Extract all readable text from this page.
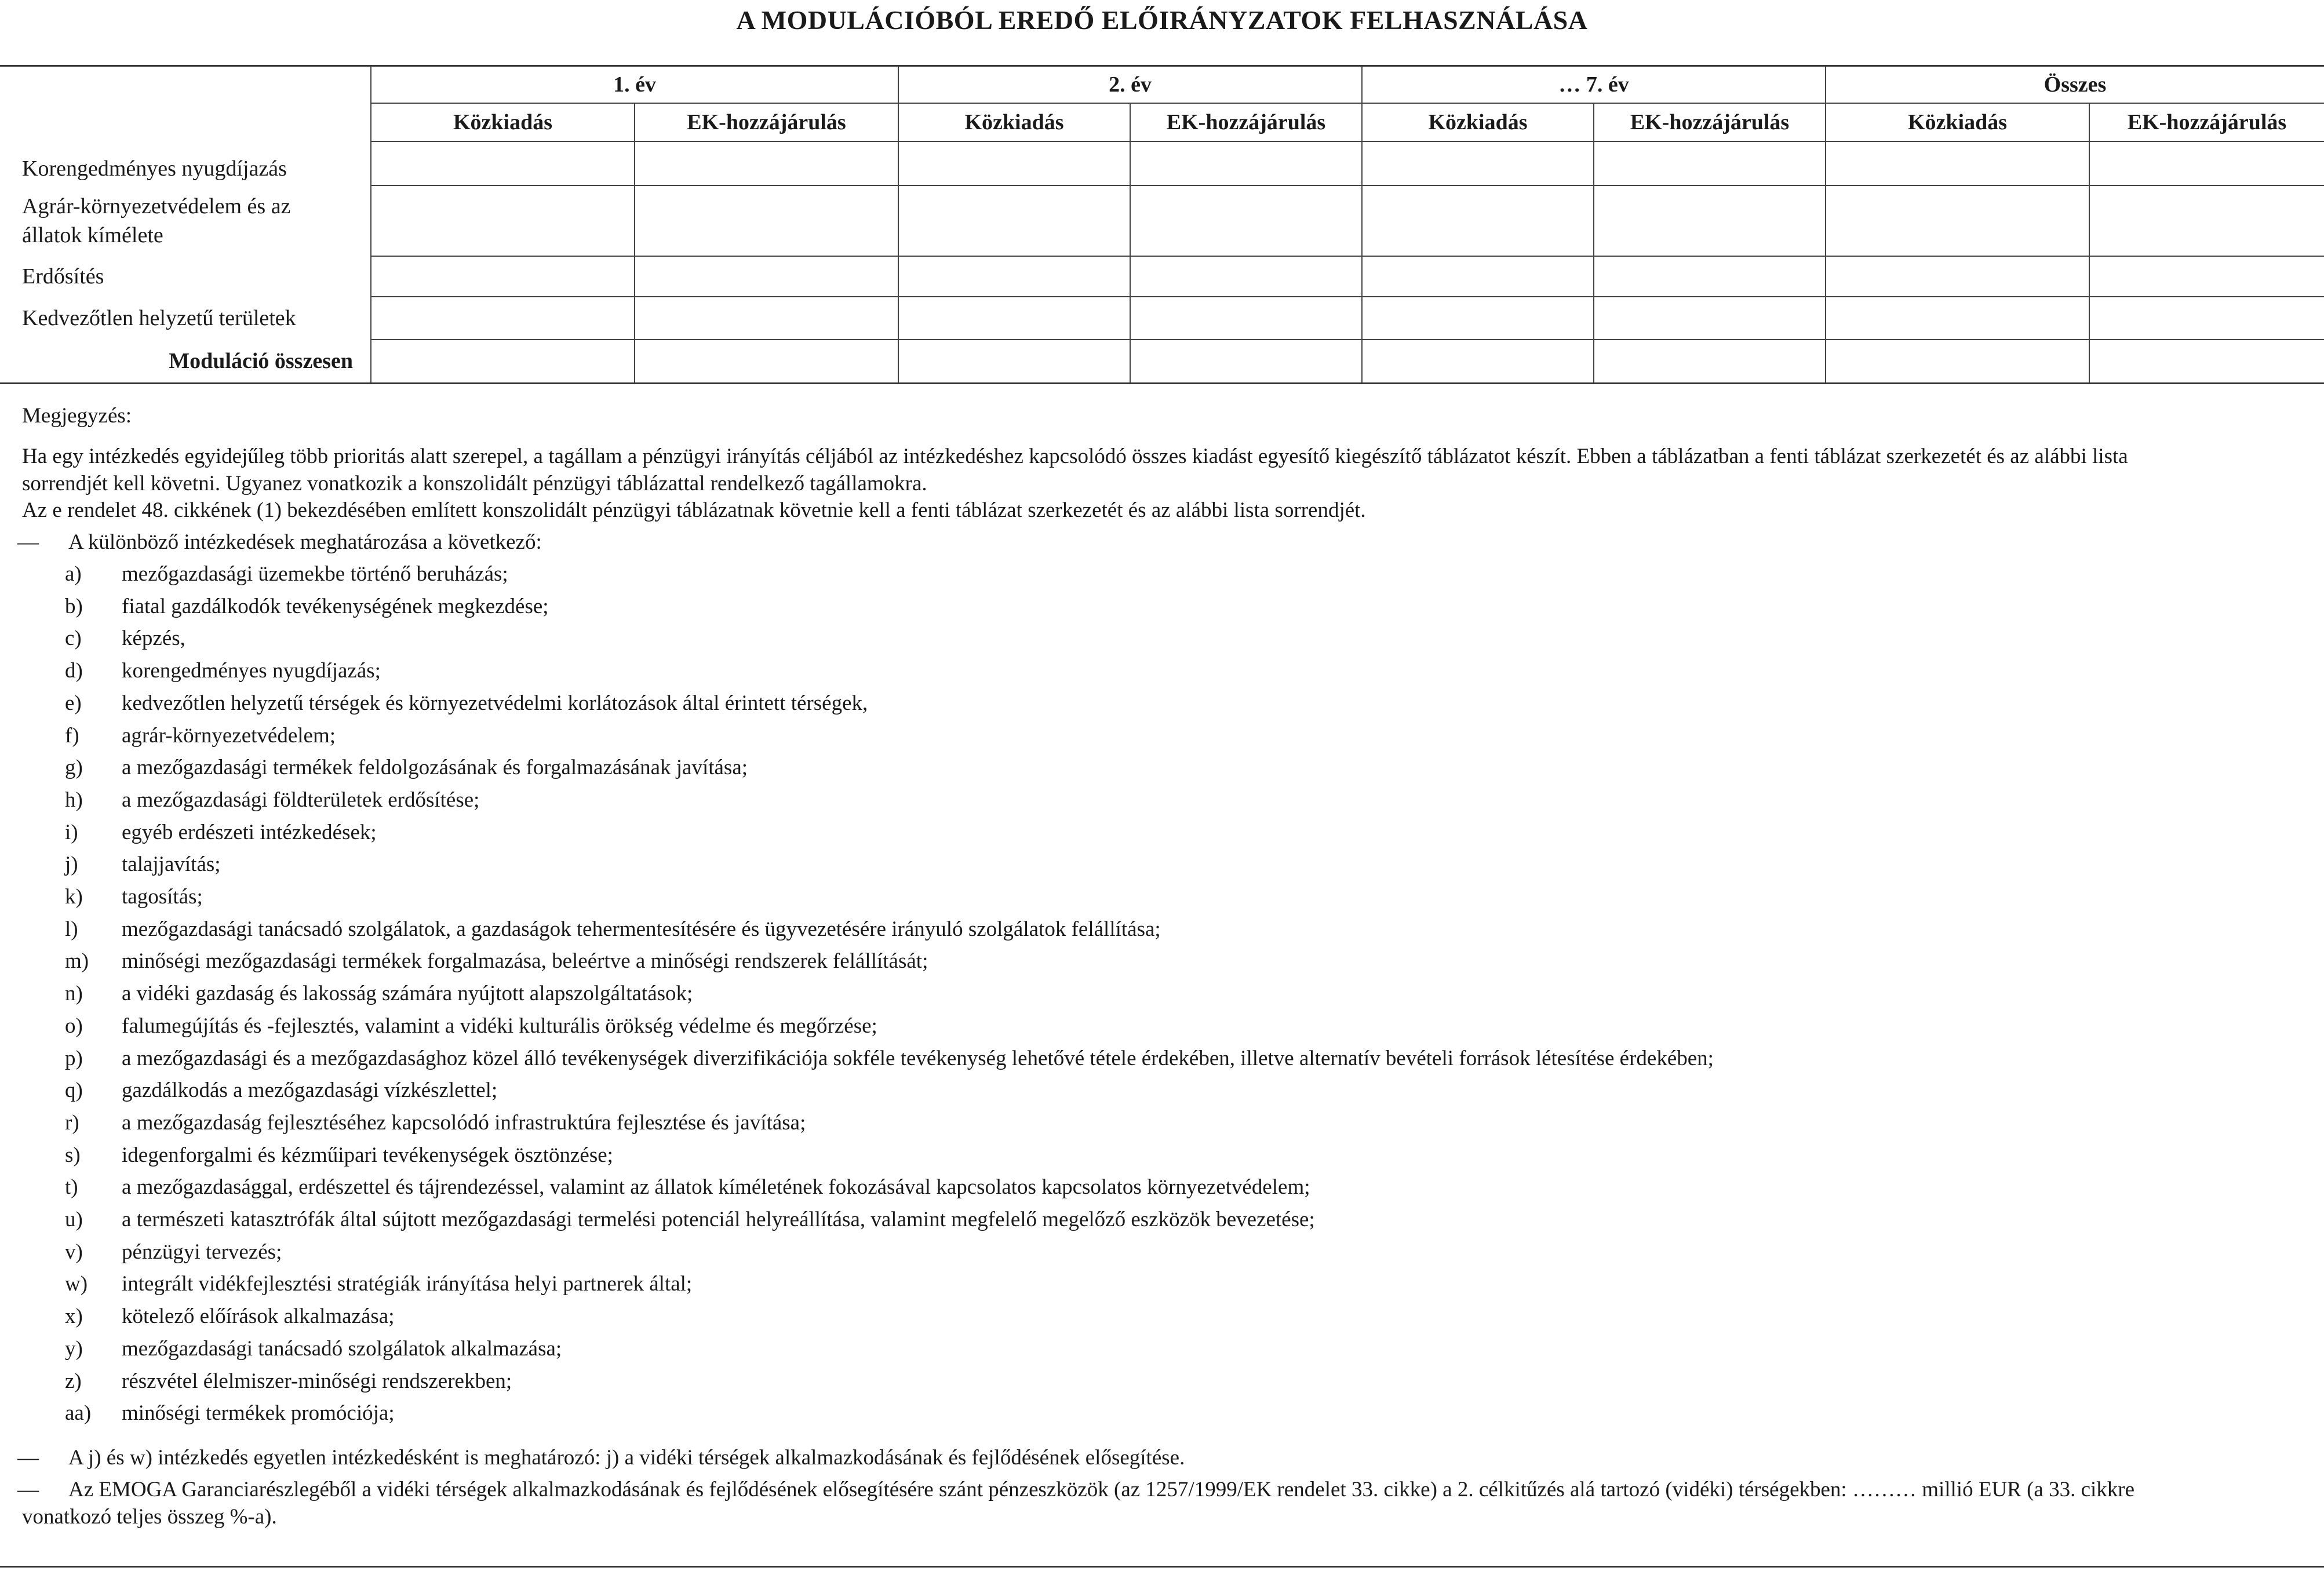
A MODULÁCIÓBÓL EREDŐ ELŐIRÁNYZATOK FELHASZNÁLÁSA
	1. év		2. év		… 7. év		Összes	
	Közkiadás	EK-hozzájárulás	Közkiadás	EK-hozzájárulás	Közkiadás	EK-hozzájárulás	Közkiadás	EK-hozzájárulás
Korengedményes nyugdíjazás								

Agrár-környezetvédelem és az állatok kímélete								

Erdősítés								
Kedvezőtlen helyzetű területek								
Moduláció összesen								
Megjegyzés:
Ha egy intézkedés egyidejűleg több prioritás alatt szerepel, a tagállam a pénzügyi irányítás céljából az intézkedéshez kapcsolódó összes kiadást egyesítő kiegészítő táblázatot készít. Ebben a táblázatban a fenti táblázat szerkezetét és az alábbi lista
sorrendjét kell követni. Ugyanez vonatkozik a konszolidált pénzügyi táblázattal rendelkező tagállamokra.
Az e rendelet 48. cikkének (1) bekezdésében említett konszolidált pénzügyi táblázatnak követnie kell a fenti táblázat szerkezetét és az alábbi lista sorrendjét.
— A különböző intézkedések meghatározása a következő:
a) mezőgazdasági üzemekbe történő beruházás;
b) fiatal gazdálkodók tevékenységének megkezdése;
c) képzés,
d) korengedményes nyugdíjazás;
e) kedvezőtlen helyzetű térségek és környezetvédelmi korlátozások által érintett térségek,
f) agrár-környezetvédelem;
g) a mezőgazdasági termékek feldolgozásának és forgalmazásának javítása;
h) a mezőgazdasági földterületek erdősítése;
i) egyéb erdészeti intézkedések;
j) talajjavítás;
k) tagosítás;
l) mezőgazdasági tanácsadó szolgálatok, a gazdaságok tehermentesítésére és ügyvezetésére irányuló szolgálatok felállítása;
m) minőségi mezőgazdasági termékek forgalmazása, beleértve a minőségi rendszerek felállítását;
n) a vidéki gazdaság és lakosság számára nyújtott alapszolgáltatások;
o) falumegújítás és -fejlesztés, valamint a vidéki kulturális örökség védelme és megőrzése;
p) a mezőgazdasági és a mezőgazdasághoz közel álló tevékenységek diverzifikációja sokféle tevékenység lehetővé tétele érdekében, illetve alternatív bevételi források létesítése érdekében;
q) gazdálkodás a mezőgazdasági vízkészlettel;
r) a mezőgazdaság fejlesztéséhez kapcsolódó infrastruktúra fejlesztése és javítása;
s) idegenforgalmi és kézműipari tevékenységek ösztönzése;
t) a mezőgazdasággal, erdészettel és tájrendezéssel, valamint az állatok kíméletének fokozásával kapcsolatos kapcsolatos környezetvédelem;
u) a természeti katasztrófák által sújtott mezőgazdasági termelési potenciál helyreállítása, valamint megfelelő megelőző eszközök bevezetése;
v) pénzügyi tervezés;
w) integrált vidékfejlesztési stratégiák irányítása helyi partnerek által;
x) kötelező előírások alkalmazása;
y) mezőgazdasági tanácsadó szolgálatok alkalmazása;
z) részvétel élelmiszer-minőségi rendszerekben;
aa) minőségi termékek promóciója;
— A j) és w) intézkedés egyetlen intézkedésként is meghatározó: j) a vidéki térségek alkalmazkodásának és fejlődésének elősegítése.
— Az EMOGA Garanciarészlegéből a vidéki térségek alkalmazkodásának és fejlődésének elősegítésére szánt pénzeszközök (az 1257/1999/EK rendelet 33. cikke) a 2. célkitűzés alá tartozó (vidéki) térségekben: ……… millió EUR (a 33. cikkre
vonatkozó teljes összeg %-a).
